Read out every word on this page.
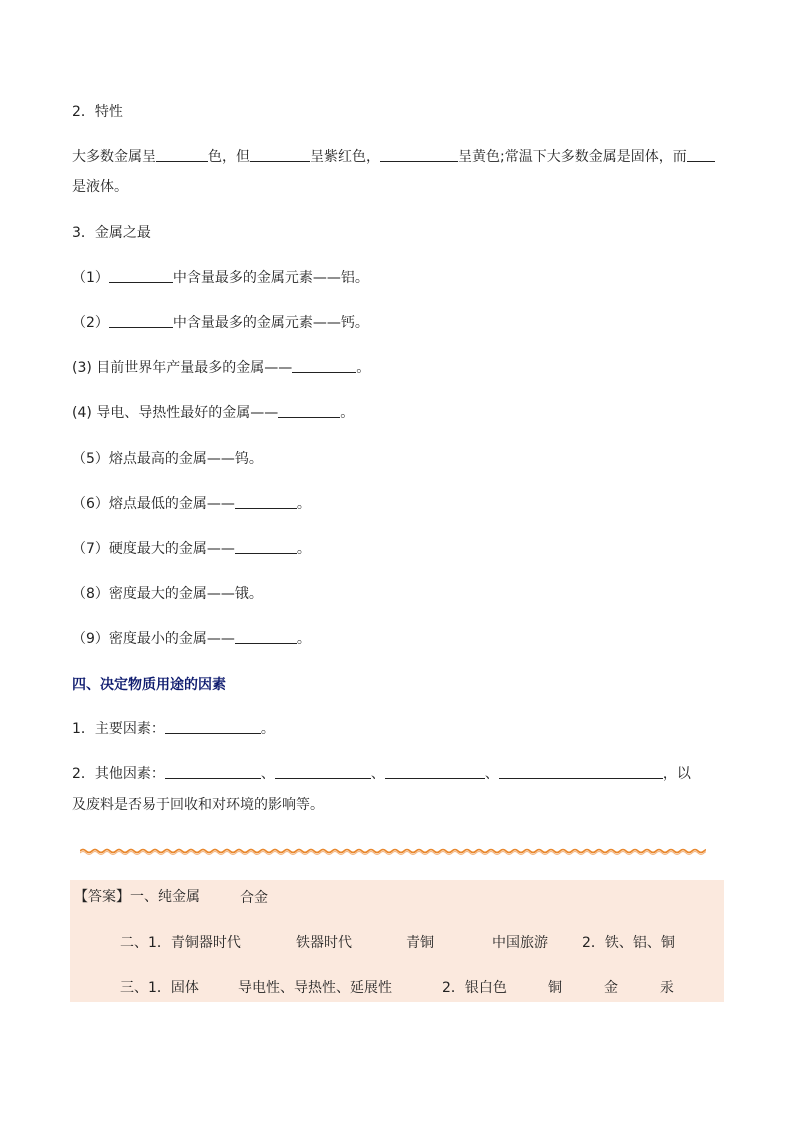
2．特性
大多数金属呈	色，但	呈紫红色，	呈黄色;常温下大多数金属是固体，而
是液体。
3．金属之最
（1）	中含量最多的金属元素——铝。
（2）	中含量最多的金属元素——钙。
(3) 目前世界年产量最多的金属——	。
(4) 导电、导热性最好的金属——	。
（5）熔点最高的金属——钨。
（6）熔点最低的金属——	。
（7）硬度最大的金属——	。
（8）密度最大的金属——锇。
（9）密度最小的金属——	。
四、决定物质用途的因素
1．主要因素：	。
2．其他因素：	、	、	、	，以
及废料是否易于回收和对环境的影响等。
【答案】一、纯金属	合金
二、1．青铜器时代	铁器时代	青铜	中国旅游 2．铁、铝、铜
三、1．固体	导电性、导热性、延展性	2．银白色	铜	金	汞
